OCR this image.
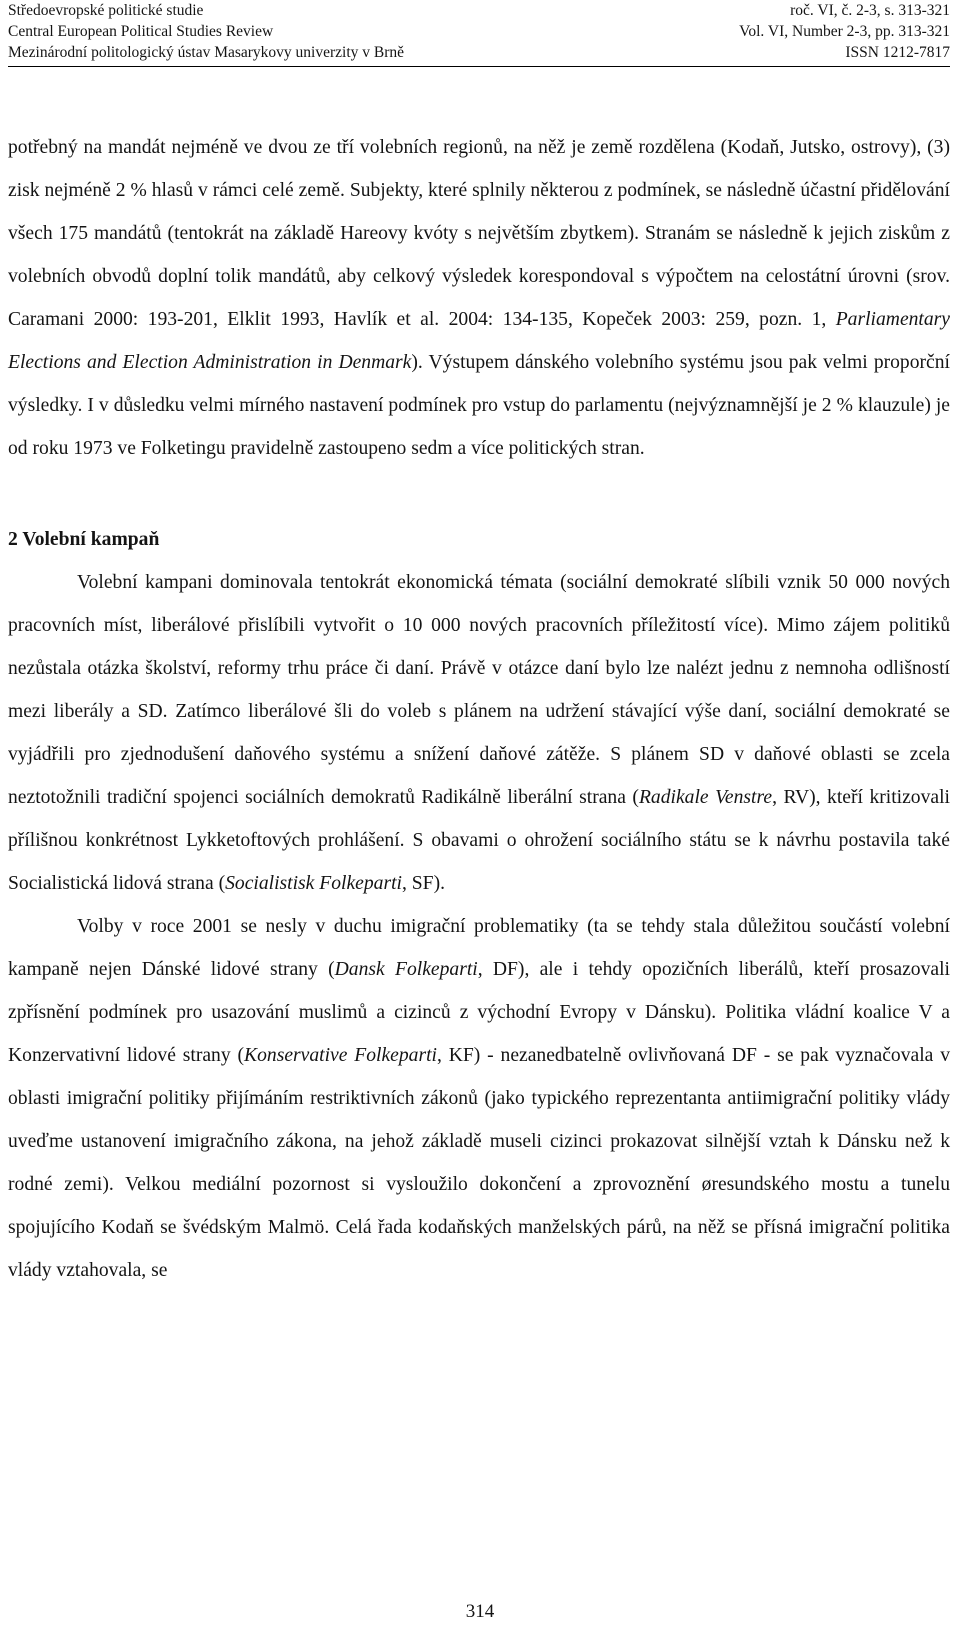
Středoevropské politické studie	roč. VI, č. 2-3, s. 313-321
Central European Political Studies Review	Vol. VI, Number 2-3, pp. 313-321
Mezinárodní politologický ústav Masarykovy univerzity v Brně	ISSN 1212-7817

potřebný na mandát nejméně ve dvou ze tří volebních regionů, na něž je země rozdělena (Kodaň, Jutsko, ostrovy), (3) zisk nejméně 2 % hlasů v rámci celé země. Subjekty, které splnily některou z podmínek, se následně účastní přidělování všech 175 mandátů (tentokrát na základě Hareovy kvóty s největším zbytkem). Stranám se následně k jejich ziskům z volebních obvodů doplní tolik mandátů, aby celkový výsledek korespondoval s výpočtem na celostátní úrovni (srov. Caramani 2000: 193-201, Elklit 1993, Havlík et al. 2004: 134-135, Kopeček 2003: 259, pozn. 1, Parliamentary Elections and Election Administration in Denmark). Výstupem dánského volebního systému jsou pak velmi proporční výsledky. I v důsledku velmi mírného nastavení podmínek pro vstup do parlamentu (nejvýznamnější je 2 % klauzule) je od roku 1973 ve Folketingu pravidelně zastoupeno sedm a více politických stran.

2 Volební kampaň

Volební kampani dominovala tentokrát ekonomická témata (sociální demokraté slíbili vznik 50 000 nových pracovních míst, liberálové přislíbili vytvořit o 10 000 nových pracovních příležitostí více). Mimo zájem politiků nezůstala otázka školství, reformy trhu práce či daní. Právě v otázce daní bylo lze nalézt jednu z nemnoha odlišností mezi liberály a SD. Zatímco liberálové šli do voleb s plánem na udržení stávající výše daní, sociální demokraté se vyjádřili pro zjednodušení daňového systému a snížení daňové zátěže. S plánem SD v daňové oblasti se zcela neztotožnili tradiční spojenci sociálních demokratů Radikálně liberální strana (Radikale Venstre, RV), kteří kritizovali přílišnou konkrétnost Lykketoftových prohlášení. S obavami o ohrožení sociálního státu se k návrhu postavila také Socialistická lidová strana (Socialistisk Folkeparti, SF).

Volby v roce 2001 se nesly v duchu imigrační problematiky (ta se tehdy stala důležitou součástí volební kampaně nejen Dánské lidové strany (Dansk Folkeparti, DF), ale i tehdy opozičních liberálů, kteří prosazovali zpřísnění podmínek pro usazování muslimů a cizinců z východní Evropy v Dánsku). Politika vládní koalice V a Konzervativní lidové strany (Konservative Folkeparti, KF) - nezanedbatelně ovlivňovaná DF - se pak vyznačovala v oblasti imigrační politiky přijímáním restriktivních zákonů (jako typického reprezentanta antiimigrační politiky vlády uveďme ustanovení imigračního zákona, na jehož základě museli cizinci prokazovat silnější vztah k Dánsku než k rodné zemi). Velkou mediální pozornost si vysloužilo dokončení a zprovoznění øresundského mostu a tunelu spojujícího Kodaň se švédským Malmö. Celá řada kodaňských manželských párů, na něž se přísná imigrační politika vlády vztahovala, se

314
